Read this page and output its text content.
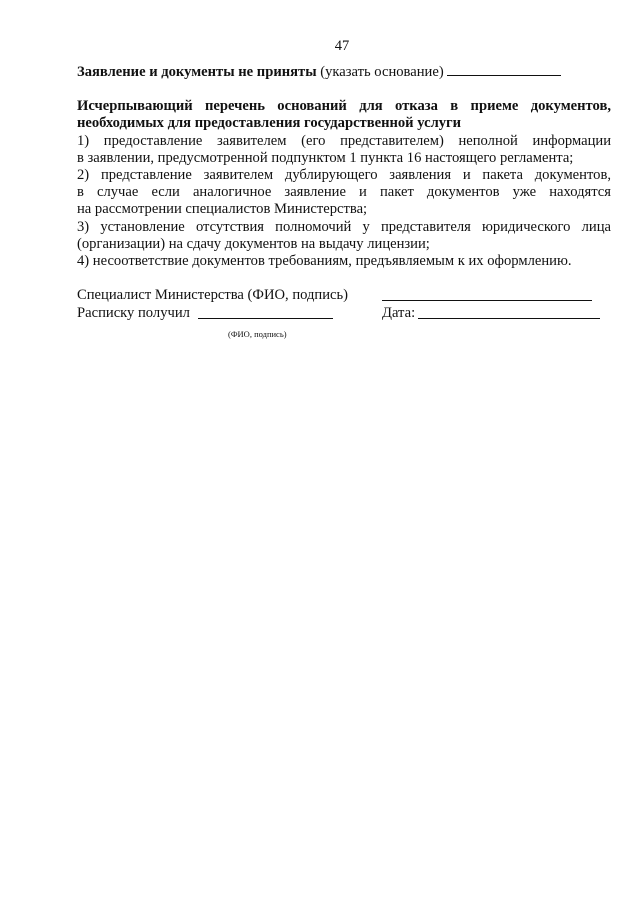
47
Заявление и документы не приняты (указать основание)
Исчерпывающий перечень оснований для отказа в приеме документов,
необходимых для предоставления государственной услуги
1) предоставление заявителем (его представителем) неполной информации
в заявлении, предусмотренной подпунктом 1 пункта 16 настоящего регламента;
2) представление заявителем дублирующего заявления и пакета документов,
в случае если аналогичное заявление и пакет документов уже находятся
на рассмотрении специалистов Министерства;
3) установление отсутствия полномочий у представителя юридического лица
(организации) на сдачу документов на выдачу лицензии;
4) несоответствие документов требованиям, предъявляемым к их оформлению.
Специалист Министерства (ФИО, подпись)
Расписку получил	Дата:
(ФИО, подпись)
